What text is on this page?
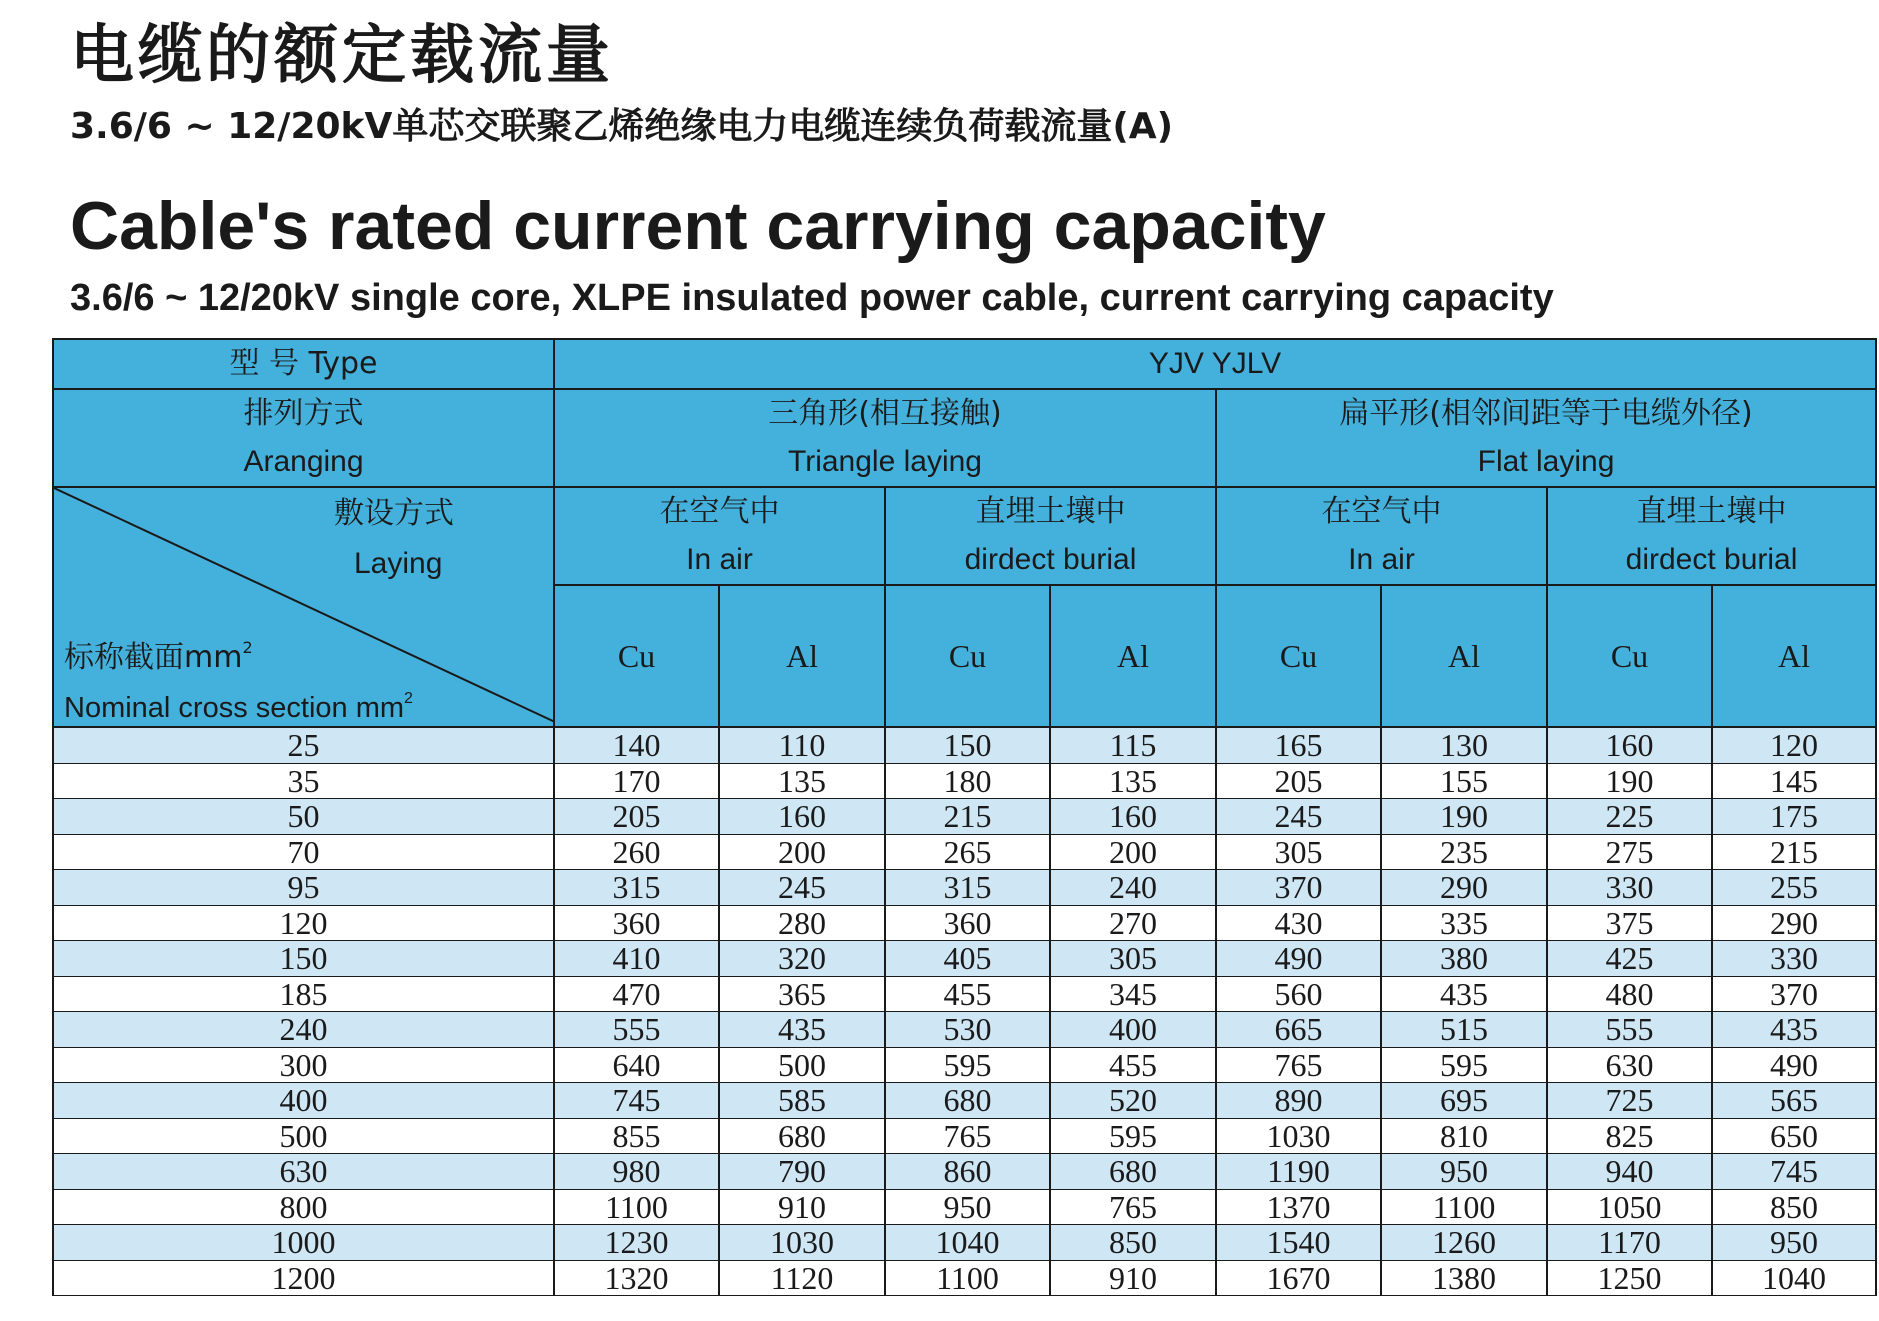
电缆的额定载流量
3.6/6 ~ 12/20kV单芯交联聚乙烯绝缘电力电缆连续负荷载流量(A)
Cable's rated current carrying capacity
3.6/6 ~ 12/20kV single core, XLPE insulated power cable, current carrying capacity
型 号 Type	YJV YJLV							

排列方式
Aranging	三角形(相互接触)
Triangle laying				扁平形(相邻间距等于电缆外径)
Flat laying			

敷设方式
Laying
标称截面$mm^2$
Nominal cross section $mm^2$	在空气中
In air		直埋土壤中
dirdect burial		在空气中
In air		直埋土壤中
dirdect burial	

	Cu	Al	Cu	Al	Cu	Al	Cu	Al
25	140	110	150	115	165	130	160	120
35	170	135	180	135	205	155	190	145
50	205	160	215	160	245	190	225	175
70	260	200	265	200	305	235	275	215
95	315	245	315	240	370	290	330	255
120	360	280	360	270	430	335	375	290
150	410	320	405	305	490	380	425	330
185	470	365	455	345	560	435	480	370
240	555	435	530	400	665	515	555	435
300	640	500	595	455	765	595	630	490
400	745	585	680	520	890	695	725	565
500	855	680	765	595	1030	810	825	650
630	980	790	860	680	1190	950	940	745
800	1100	910	950	765	1370	1100	1050	850
1000	1230	1030	1040	850	1540	1260	1170	950
1200	1320	1120	1100	910	1670	1380	1250	1040
